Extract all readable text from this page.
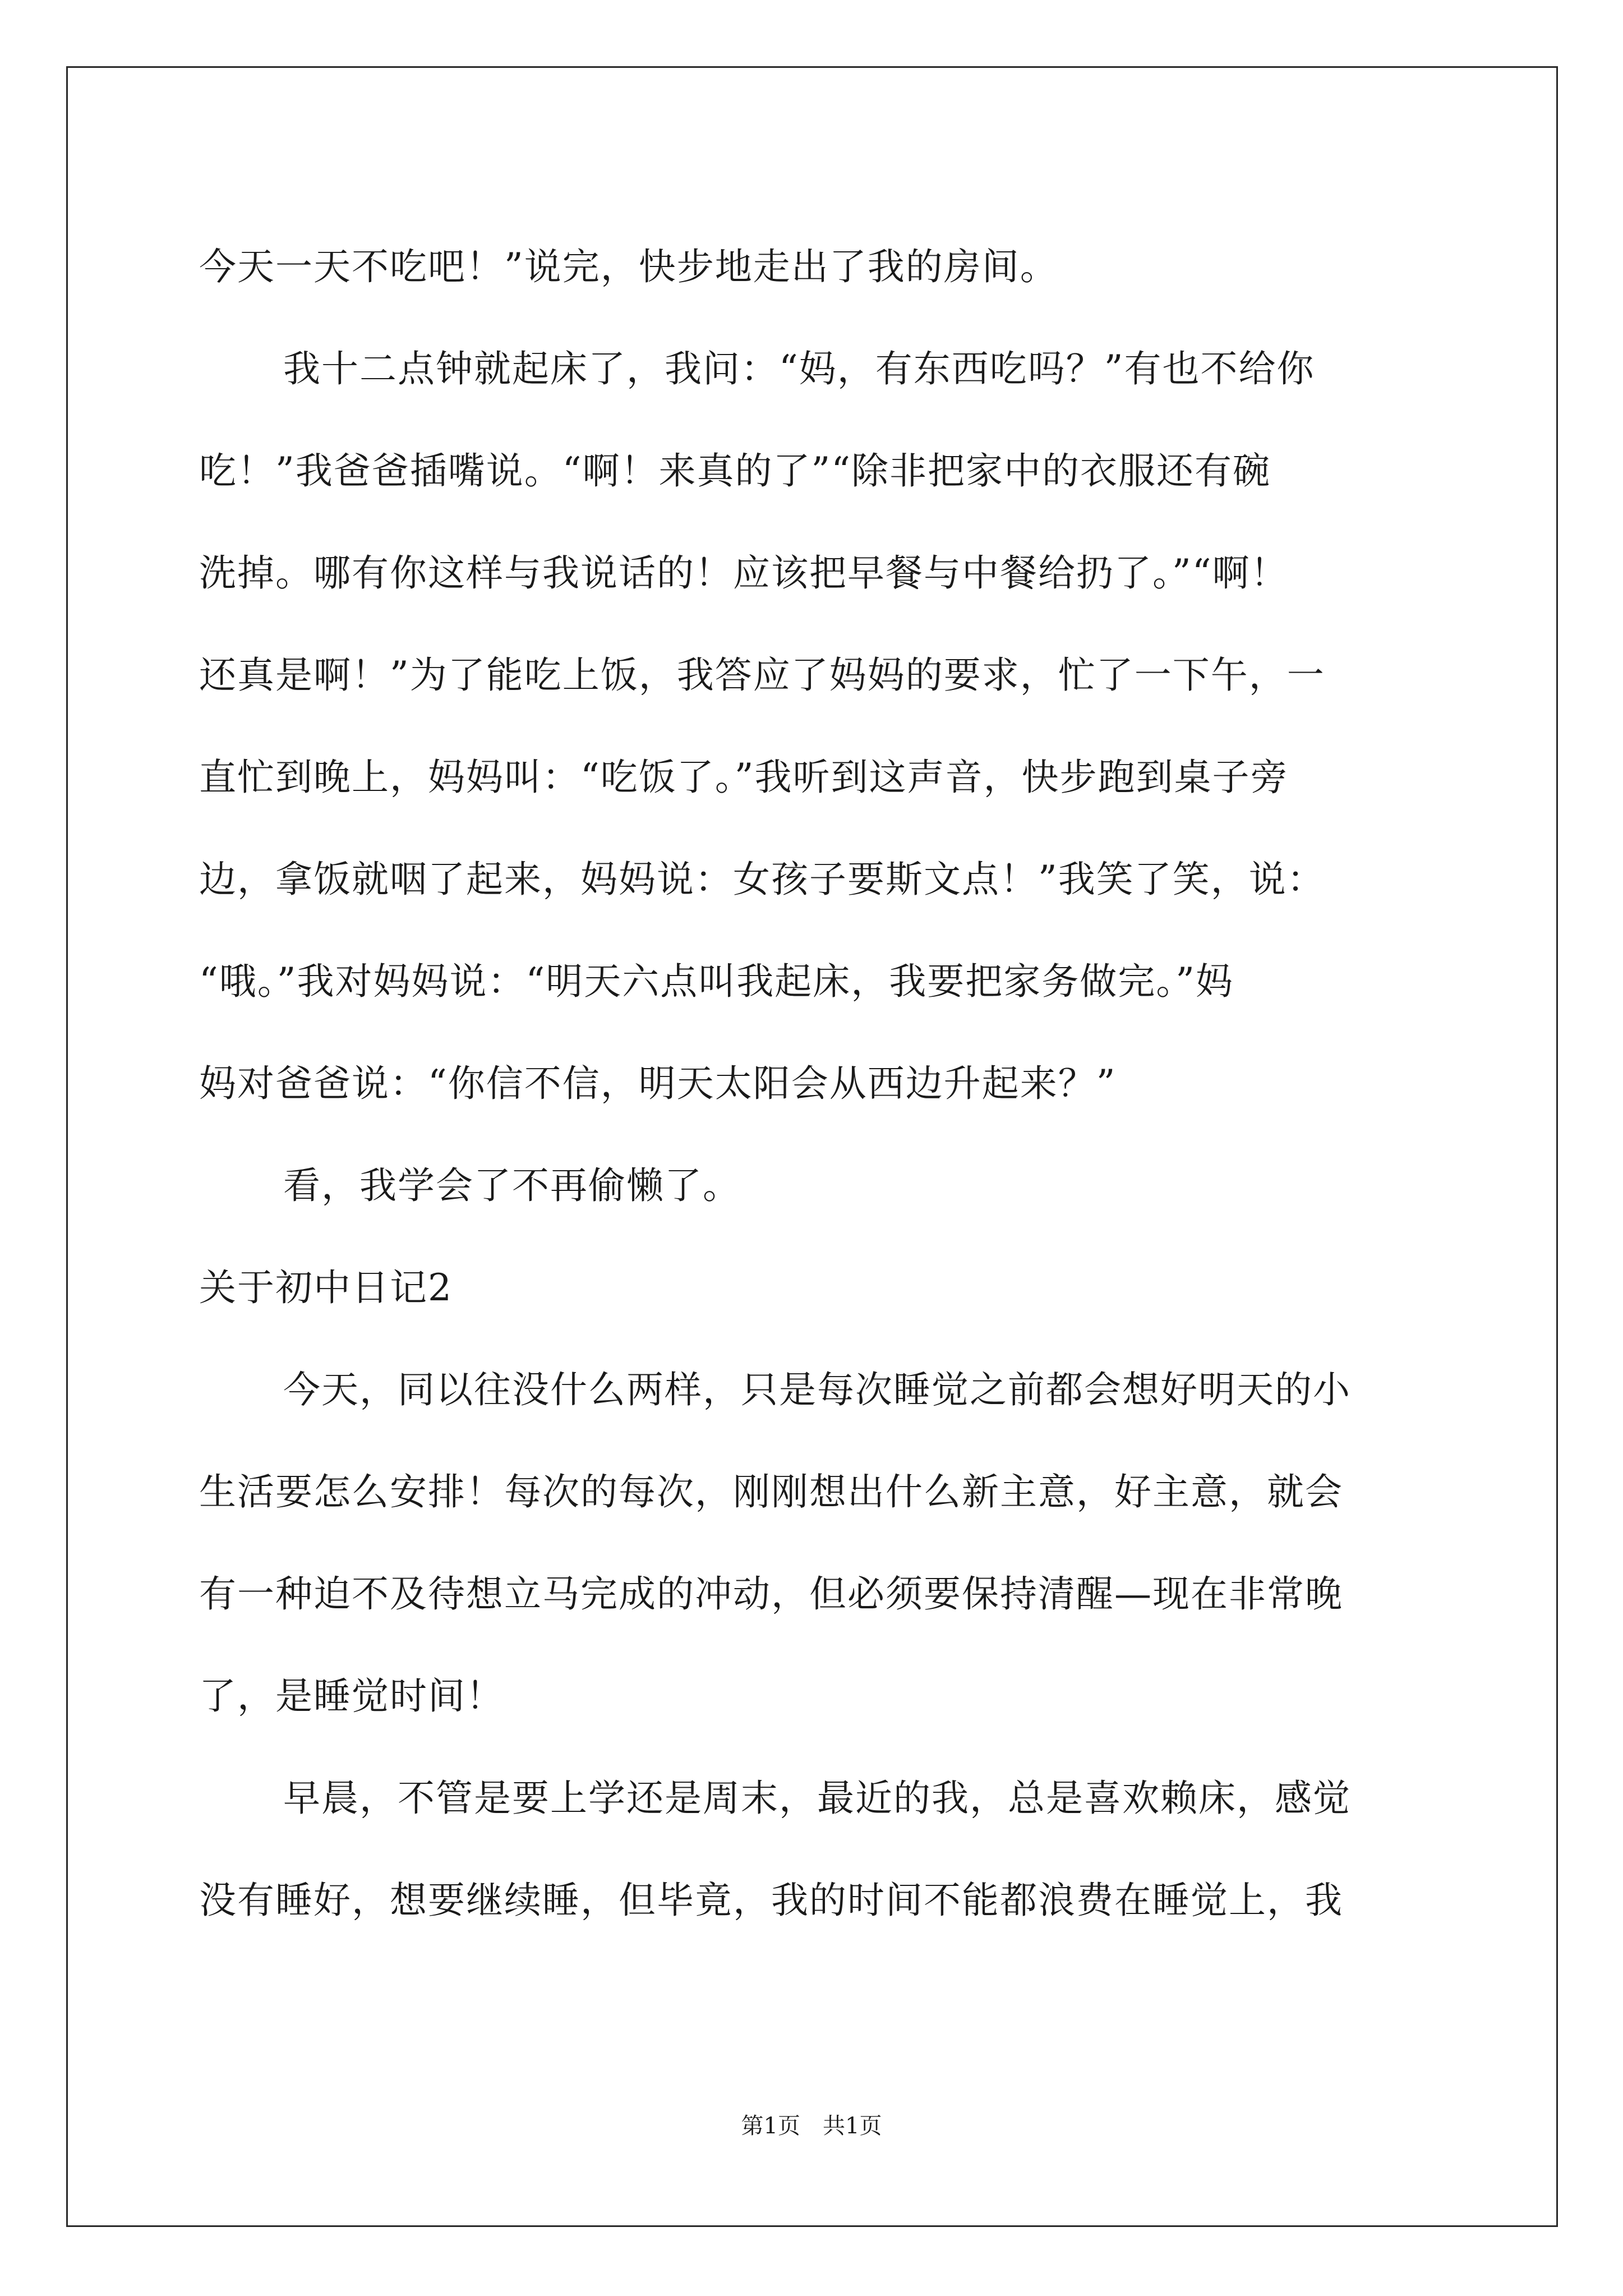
今天一天不吃吧！”说完，快步地走出了我的房间。
我十二点钟就起床了，我问：“妈，有东西吃吗？”有也不给你
吃！”我爸爸插嘴说。“啊！来真的了”“除非把家中的衣服还有碗
洗掉。哪有你这样与我说话的！应该把早餐与中餐给扔了。”“啊！
还真是啊！”为了能吃上饭，我答应了妈妈的要求，忙了一下午，一
直忙到晚上，妈妈叫：“吃饭了。”我听到这声音，快步跑到桌子旁
边，拿饭就咽了起来，妈妈说：女孩子要斯文点！”我笑了笑，说：
“哦。”我对妈妈说：“明天六点叫我起床，我要把家务做完。”妈
妈对爸爸说：“你信不信，明天太阳会从西边升起来？”
看，我学会了不再偷懒了。
关于初中日记2
今天，同以往没什么两样，只是每次睡觉之前都会想好明天的小
生活要怎么安排！每次的每次，刚刚想出什么新主意，好主意，就会
有一种迫不及待想立马完成的冲动，但必须要保持清醒—现在非常晚
了，是睡觉时间！
早晨，不管是要上学还是周末，最近的我，总是喜欢赖床，感觉
没有睡好，想要继续睡，但毕竟，我的时间不能都浪费在睡觉上，我
第1页　共1页
